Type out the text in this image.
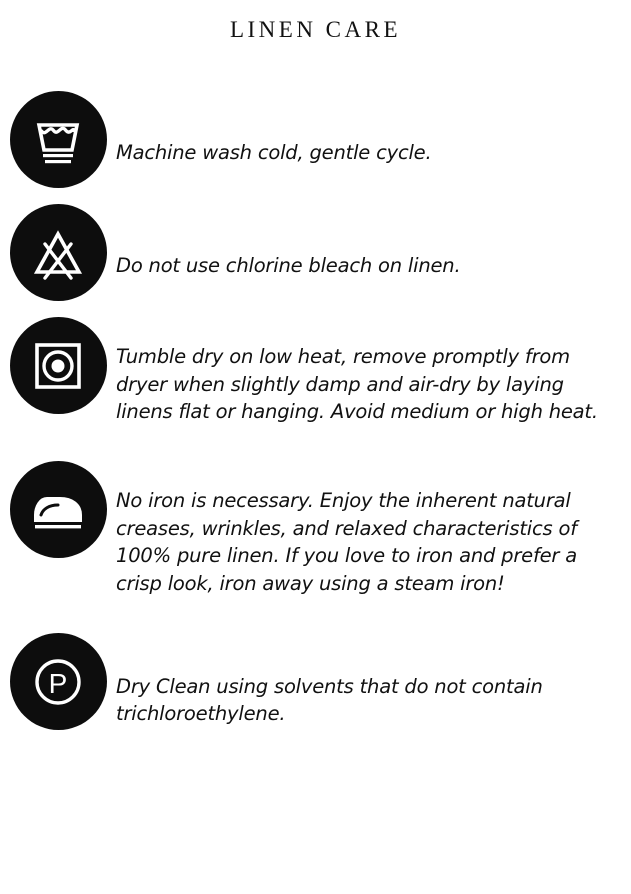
LINEN CARE

Machine wash cold, gentle cycle.

Do not use chlorine bleach on linen.

Tumble dry on low heat, remove promptly from dryer when slightly damp and air-dry by laying linens flat or hanging. Avoid medium or high heat.

No iron is necessary. Enjoy the inherent natural creases, wrinkles, and relaxed characteristics of 100% pure linen. If you love to iron and prefer a crisp look, iron away using a steam iron!

P Dry Clean using solvents that do not contain trichloroethylene.
